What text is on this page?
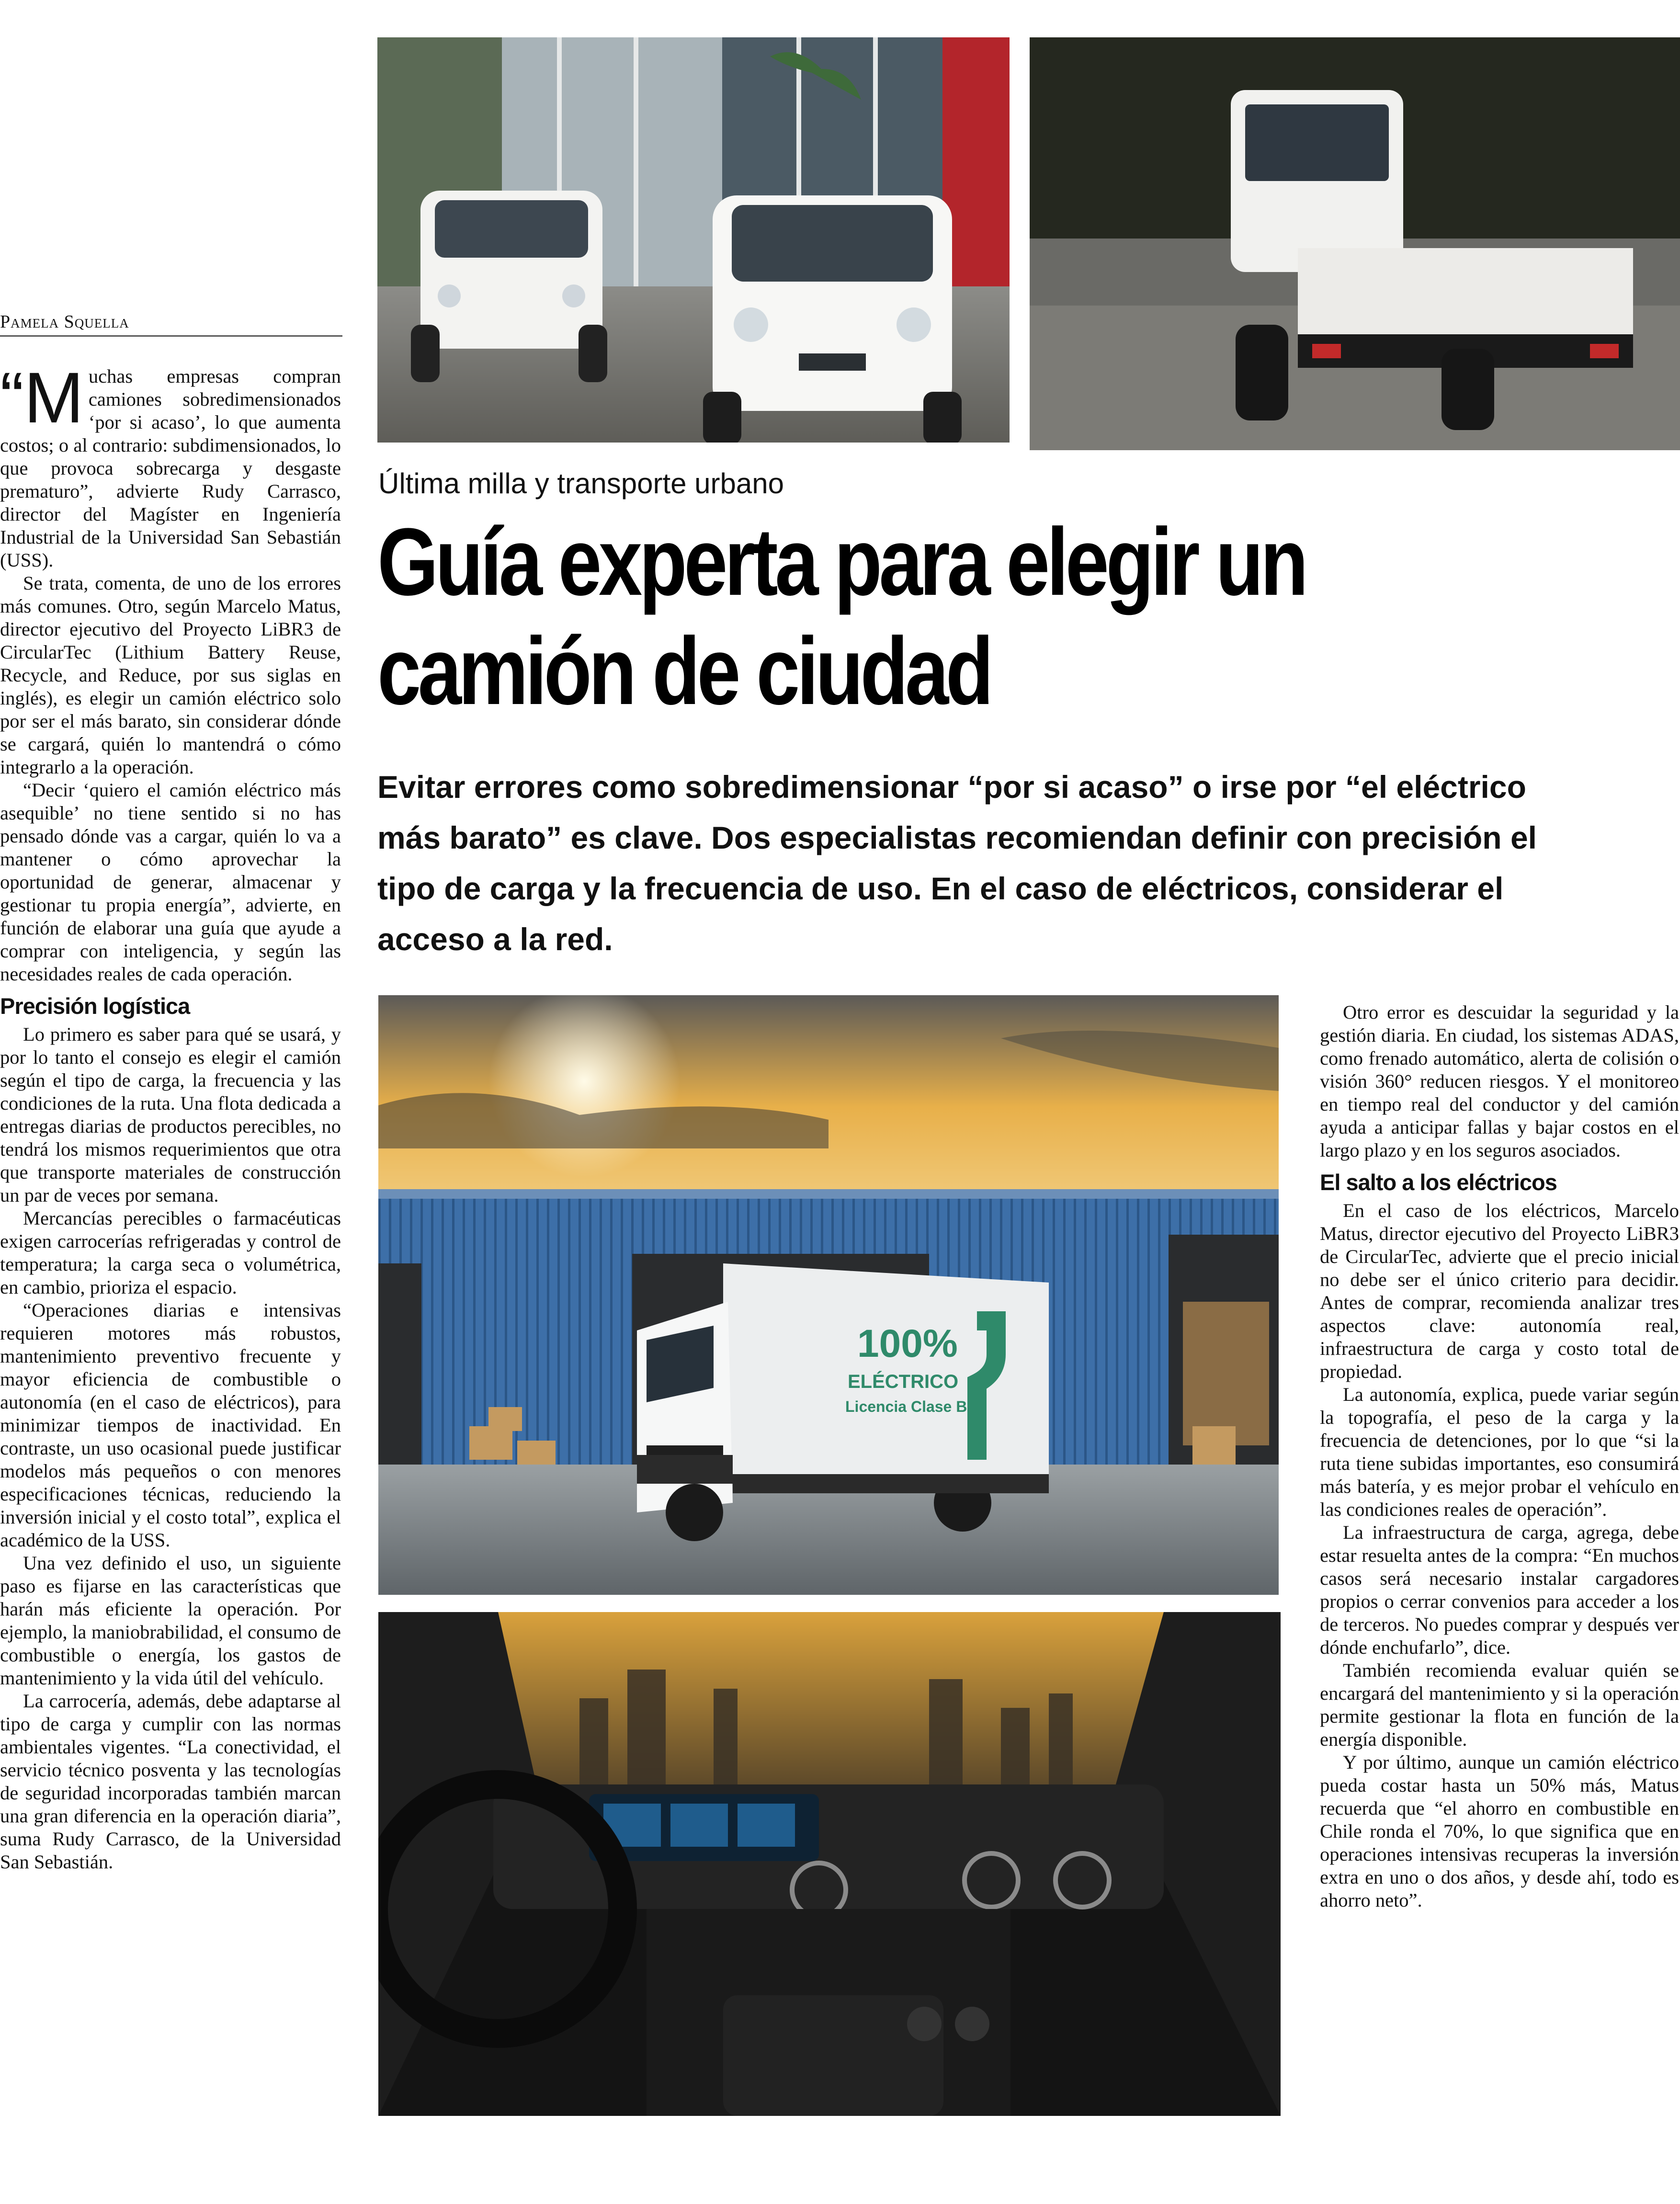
Pamela Squella

“M uchas empresas compran camiones sobredimensionados ‘por si acaso’, lo que aumenta costos; o al contrario: subdimensionados, lo que provoca sobrecarga y desgaste prematuro”, advierte Rudy Carrasco, director del Magíster en Ingeniería Industrial de la Universidad San Sebastián (USS).

Se trata, comenta, de uno de los errores más comunes. Otro, según Marcelo Matus, director ejecutivo del Proyecto LiBR3 de CircularTec (Lithium Battery Reuse, Recycle, and Reduce, por sus siglas en inglés), es elegir un camión eléctrico solo por ser el más barato, sin considerar dónde se cargará, quién lo mantendrá o cómo integrarlo a la operación.

“Decir ‘quiero el camión eléctrico más asequible’ no tiene sentido si no has pensado dónde vas a cargar, quién lo va a mantener o cómo aprovechar la oportunidad de generar, almacenar y gestionar tu propia energía”, advierte, en función de elaborar una guía que ayude a comprar con inteligencia, y según las necesidades reales de cada operación.

Precisión logística

Lo primero es saber para qué se usará, y por lo tanto el consejo es elegir el camión según el tipo de carga, la frecuencia y las condiciones de la ruta. Una flota dedicada a entregas diarias de productos perecibles, no tendrá los mismos requerimientos que otra que transporte materiales de construcción un par de veces por semana.

Mercancías perecibles o farmacéuticas exigen carrocerías refrigeradas y control de temperatura; la carga seca o volumétrica, en cambio, prioriza el espacio.

“Operaciones diarias e intensivas requieren motores más robustos, mantenimiento preventivo frecuente y mayor eficiencia de combustible o autonomía (en el caso de eléctricos), para minimizar tiempos de inactividad. En contraste, un uso ocasional puede justificar modelos más pequeños o con menores especificaciones técnicas, reduciendo la inversión inicial y el costo total”, explica el académico de la USS.

Una vez definido el uso, un siguiente paso es fijarse en las características que harán más eficiente la operación. Por ejemplo, la maniobrabilidad, el consumo de combustible o energía, los gastos de mantenimiento y la vida útil del vehículo.

La carrocería, además, debe adaptarse al tipo de carga y cumplir con las normas ambientales vigentes. “La conectividad, el servicio técnico posventa y las tecnologías de seguridad incorporadas también marcan una gran diferencia en la operación diaria”, suma Rudy Carrasco, de la Universidad San Sebastián.

Última milla y transporte urbano
Guía experta para elegir un camión de ciudad
Evitar errores como sobredimensionar “por si acaso” o irse por “el eléctrico más barato” es clave. Dos especialistas recomiendan definir con precisión el tipo de carga y la frecuencia de uso. En el caso de eléctricos, considerar el acceso a la red.
100%
ELÉCTRICO
Licencia Clase B

Otro error es descuidar la seguridad y la gestión diaria. En ciudad, los sistemas ADAS, como frenado automático, alerta de colisión o visión 360° reducen riesgos. Y el monitoreo en tiempo real del conductor y del camión ayuda a anticipar fallas y bajar costos en el largo plazo y en los seguros asociados.

El salto a los eléctricos

En el caso de los eléctricos, Marcelo Matus, director ejecutivo del Proyecto LiBR3 de CircularTec, advierte que el precio inicial no debe ser el único criterio para decidir. Antes de comprar, recomienda analizar tres aspectos clave: autonomía real, infraestructura de carga y costo total de propiedad.

La autonomía, explica, puede variar según la topografía, el peso de la carga y la frecuencia de detenciones, por lo que “si la ruta tiene subidas importantes, eso consumirá más batería, y es mejor probar el vehículo en las condiciones reales de operación”.

La infraestructura de carga, agrega, debe estar resuelta antes de la compra: “En muchos casos será necesario instalar cargadores propios o cerrar convenios para acceder a los de terceros. No puedes comprar y después ver dónde enchufarlo”, dice.

También recomienda evaluar quién se encargará del mantenimiento y si la operación permite gestionar la flota en función de la energía disponible.

Y por último, aunque un camión eléctrico pueda costar hasta un 50% más, Matus recuerda que “el ahorro en combustible en Chile ronda el 70%, lo que significa que en operaciones intensivas recuperas la inversión extra en uno o dos años, y desde ahí, todo es ahorro neto”.
